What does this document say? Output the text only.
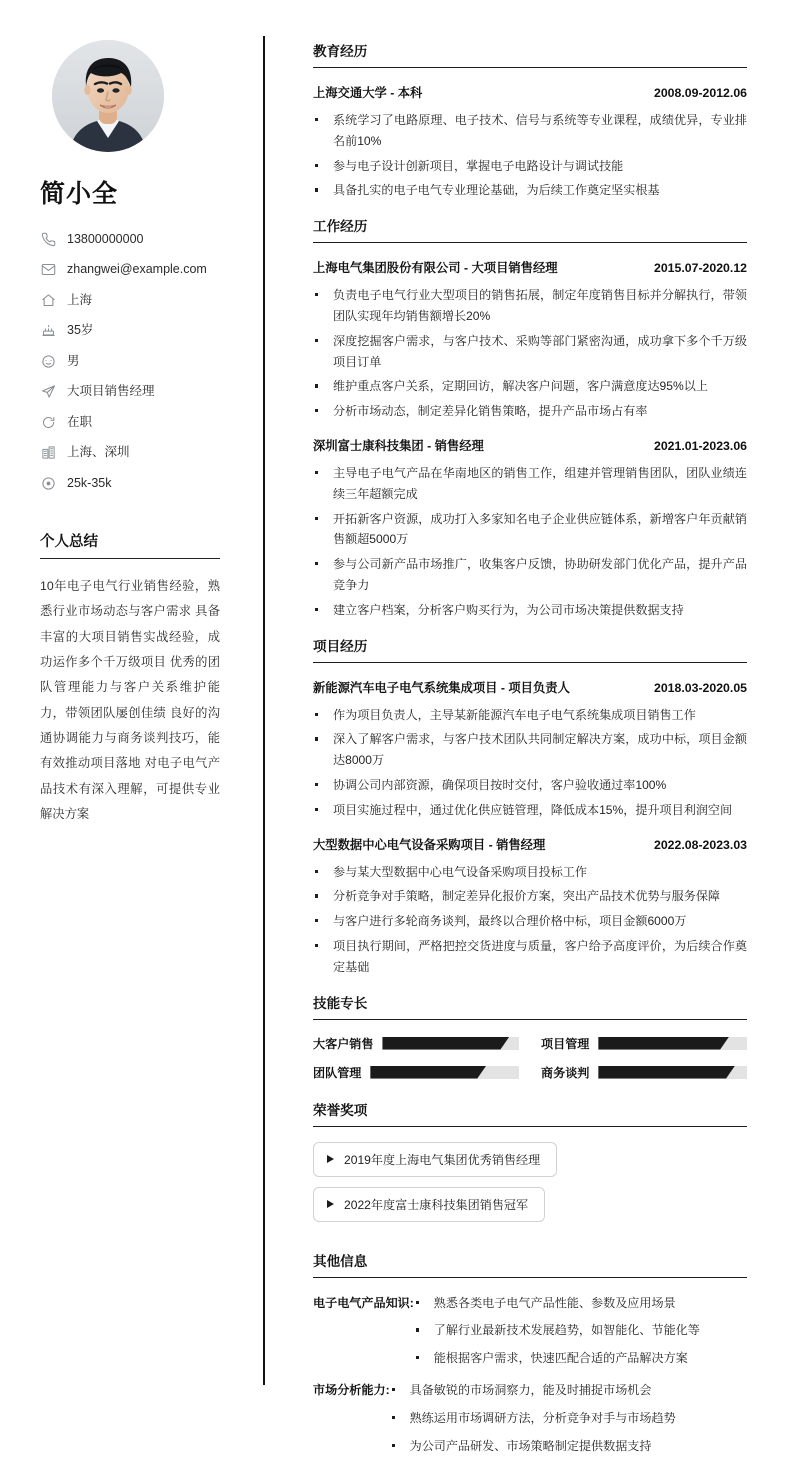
简小全
13800000000
zhangwei@example.com
上海
35岁
男
大项目销售经理
在职
上海、深圳
25k-35k
个人总结

10年电子电气行业销售经验，熟悉行业市场动态与客户需求 具备丰富的大项目销售实战经验，成功运作多个千万级项目 优秀的团队管理能力与客户关系维护能力，带领团队屡创佳绩 良好的沟通协调能力与商务谈判技巧，能有效推动项目落地 对电子电气产品技术有深入理解，可提供专业解决方案

教育经历
上海交通大学 - 本科	2008.09-2012.06
系统学习了电路原理、电子技术、信号与系统等专业课程，成绩优异，专业排名前10%
参与电子设计创新项目，掌握电子电路设计与调试技能
具备扎实的电子电气专业理论基础，为后续工作奠定坚实根基
工作经历
上海电气集团股份有限公司 - 大项目销售经理	2015.07-2020.12
负责电子电气行业大型项目的销售拓展，制定年度销售目标并分解执行，带领团队实现年均销售额增长20%
深度挖掘客户需求，与客户技术、采购等部门紧密沟通，成功拿下多个千万级项目订单
维护重点客户关系，定期回访，解决客户问题，客户满意度达95%以上
分析市场动态，制定差异化销售策略，提升产品市场占有率
深圳富士康科技集团 - 销售经理	2021.01-2023.06
主导电子电气产品在华南地区的销售工作，组建并管理销售团队，团队业绩连续三年超额完成
开拓新客户资源，成功打入多家知名电子企业供应链体系，新增客户年贡献销售额超5000万
参与公司新产品市场推广，收集客户反馈，协助研发部门优化产品，提升产品竞争力
建立客户档案，分析客户购买行为，为公司市场决策提供数据支持
项目经历
新能源汽车电子电气系统集成项目 - 项目负责人	2018.03-2020.05
作为项目负责人，主导某新能源汽车电子电气系统集成项目销售工作
深入了解客户需求，与客户技术团队共同制定解决方案，成功中标，项目金额达8000万
协调公司内部资源，确保项目按时交付，客户验收通过率100%
项目实施过程中，通过优化供应链管理，降低成本15%，提升项目利润空间
大型数据中心电气设备采购项目 - 销售经理	2022.08-2023.03
参与某大型数据中心电气设备采购项目投标工作
分析竞争对手策略，制定差异化报价方案，突出产品技术优势与服务保障
与客户进行多轮商务谈判，最终以合理价格中标，项目金额6000万
项目执行期间，严格把控交货进度与质量，客户给予高度评价，为后续合作奠定基础
技能专长
大客户销售	项目管理
团队管理	商务谈判
荣誉奖项
2019年度上海电气集团优秀销售经理
2022年度富士康科技集团销售冠军
其他信息
电子电气产品知识:	熟悉各类电子电气产品性能、参数及应用场景
了解行业最新技术发展趋势，如智能化、节能化等
能根据客户需求，快速匹配合适的产品解决方案
市场分析能力:	具备敏锐的市场洞察力，能及时捕捉市场机会
熟练运用市场调研方法，分析竞争对手与市场趋势
为公司产品研发、市场策略制定提供数据支持
